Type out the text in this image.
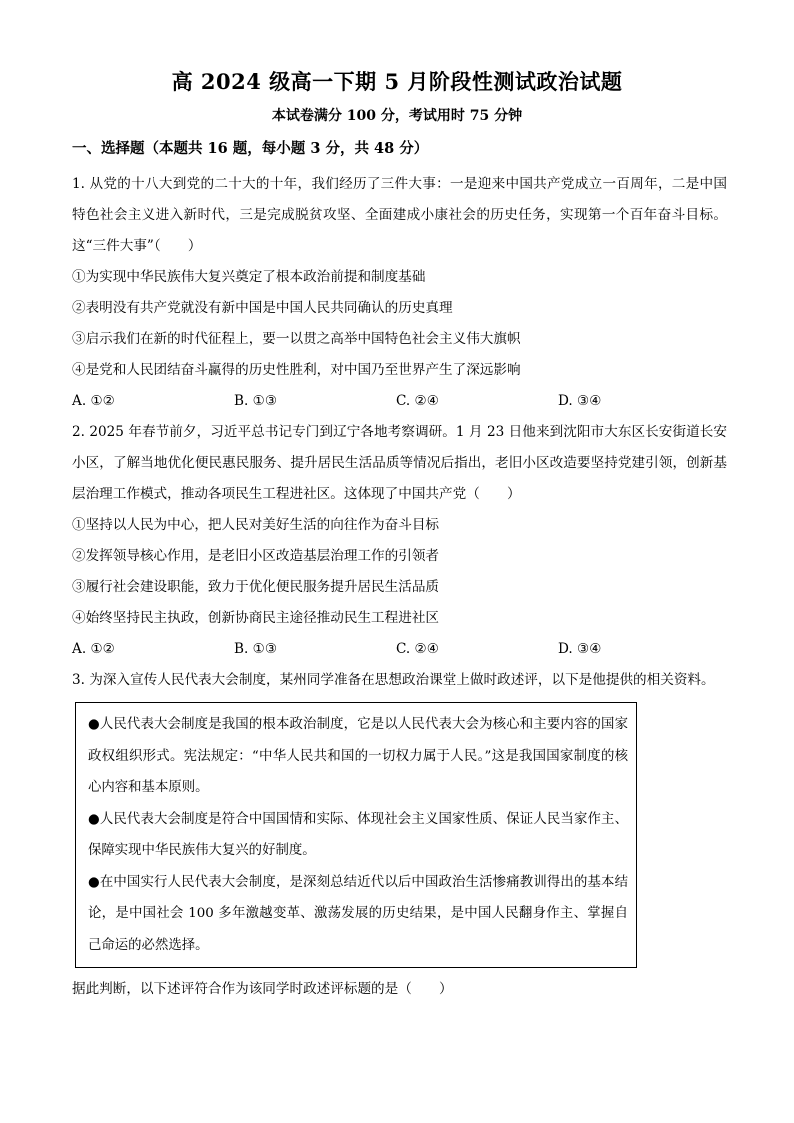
高 2024 级高一下期 5 月阶段性测试政治试题
本试卷满分 100 分，考试用时 75 分钟
一、选择题（本题共 16 题，每小题 3 分，共 48 分）

1. 从党的十八大到党的二十大的十年，我们经历了三件大事：一是迎来中国共产党成立一百周年，二是中国特色社会主义进入新时代，三是完成脱贫攻坚、全面建成小康社会的历史任务，实现第一个百年奋斗目标。这“三件大事”（　　）

①为实现中华民族伟大复兴奠定了根本政治前提和制度基础

②表明没有共产党就没有新中国是中国人民共同确认的历史真理

③启示我们在新的时代征程上，要一以贯之高举中国特色社会主义伟大旗帜

④是党和人民团结奋斗赢得的历史性胜利，对中国乃至世界产生了深远影响

A. ①②	B. ①③	C. ②④	D. ③④

2. 2025 年春节前夕，习近平总书记专门到辽宁各地考察调研。1 月 23 日他来到沈阳市大东区长安街道长安小区，了解当地优化便民惠民服务、提升居民生活品质等情况后指出，老旧小区改造要坚持党建引领，创新基层治理工作模式，推动各项民生工程进社区。这体现了中国共产党（　　）

①坚持以人民为中心，把人民对美好生活的向往作为奋斗目标

②发挥领导核心作用，是老旧小区改造基层治理工作的引领者

③履行社会建设职能，致力于优化便民服务提升居民生活品质

④始终坚持民主执政，创新协商民主途径推动民生工程进社区

A. ①②	B. ①③	C. ②④	D. ③④

3. 为深入宣传人民代表大会制度，某州同学准备在思想政治课堂上做时政述评，以下是他提供的相关资料。

●人民代表大会制度是我国的根本政治制度，它是以人民代表大会为核心和主要内容的国家政权组织形式。宪法规定：“中华人民共和国的一切权力属于人民。”这是我国国家制度的核心内容和基本原则。

●人民代表大会制度是符合中国国情和实际、体现社会主义国家性质、保证人民当家作主、保障实现中华民族伟大复兴的好制度。

●在中国实行人民代表大会制度，是深刻总结近代以后中国政治生活惨痛教训得出的基本结论，是中国社会 100 多年激越变革、激荡发展的历史结果，是中国人民翻身作主、掌握自己命运的必然选择。

据此判断，以下述评符合作为该同学时政述评标题的是（　　）
